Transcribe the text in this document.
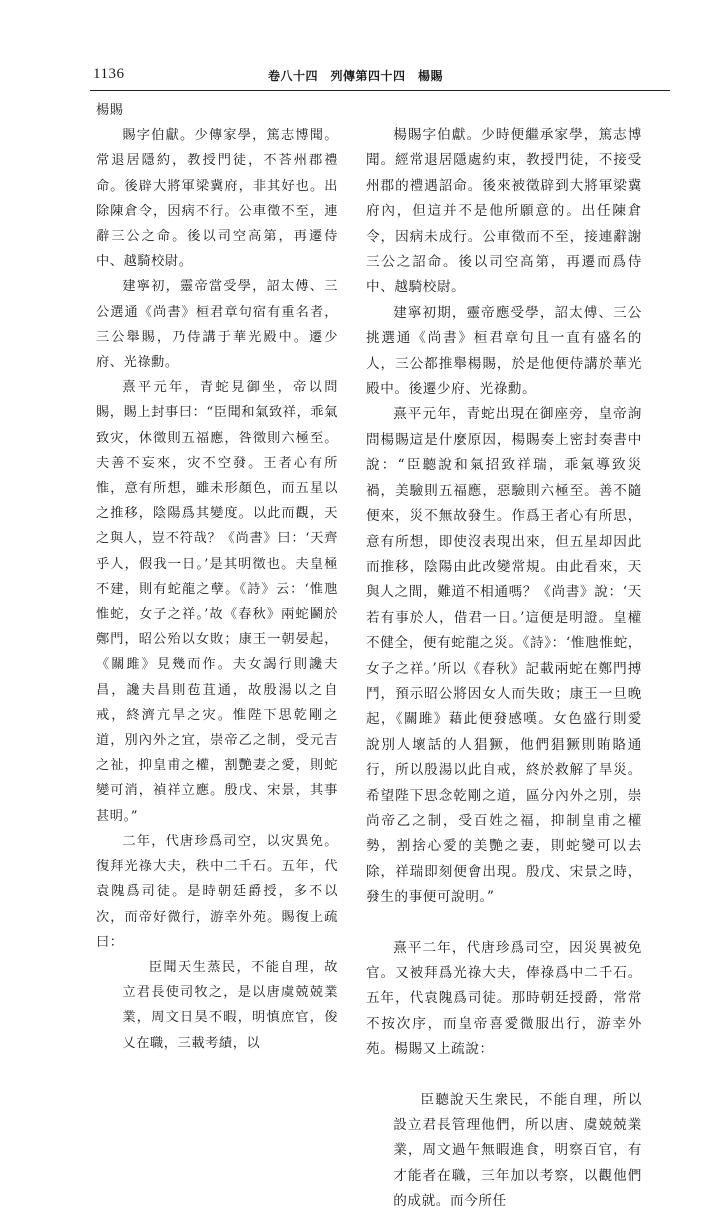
1136	卷八十四　列傳第四十四　楊賜

楊賜

賜字伯獻。少傳家學，篤志博聞。常退居隱約，教授門徒，不荅州郡禮命。後辟大將軍梁冀府，非其好也。出除陳倉令，因病不行。公車徵不至，連辭三公之命。後以司空高第，再遷侍中、越騎校尉。

建寧初，靈帝當受學，詔太傅、三公選通《尚書》桓君章句宿有重名者，三公舉賜，乃侍講于華光殿中。遷少府、光祿勳。

熹平元年，青蛇見御坐，帝以問賜，賜上封事曰：“臣聞和氣致祥，乖氣致灾，休徵則五福應，咎徵則六極至。夫善不妄來，灾不空發。王者心有所惟，意有所想，雖未形顏色，而五星以之推移，陰陽爲其變度。以此而觀，天之與人，豈不符哉？《尚書》曰：‘天齊乎人，假我一日。’是其明徵也。夫皇極不建，則有蛇龍之孽。《詩》云：‘惟虺惟蛇，女子之祥。’故《春秋》兩蛇鬬於鄭門，昭公殆以女敗；康王一朝晏起，《關雎》見幾而作。夫女謁行則讒夫昌，讒夫昌則苞苴通，故殷湯以之自戒，終濟亢旱之灾。惟陛下思乾剛之道，別內外之宜，崇帝乙之制，受元吉之祉，抑皇甫之權，割艷妻之愛，則蛇變可消，禎祥立應。殷戊、宋景，其事甚明。”

二年，代唐珍爲司空，以灾異免。復拜光祿大夫，秩中二千石。五年，代袁隗爲司徒。是時朝廷爵授，多不以次，而帝好微行，游幸外苑。賜復上疏曰：

臣聞天生蒸民，不能自理，故立君長使司牧之，是以唐虞兢兢業業，周文日昊不暇，明慎庶官，俊乂在職，三載考績，以

楊賜字伯獻。少時便繼承家學，篤志博聞。經常退居隱處約束，教授門徒，不接受州郡的禮遇詔命。後來被徵辟到大將軍梁冀府內，但這并不是他所願意的。出任陳倉令，因病未成行。公車徵而不至，接連辭謝三公之詔命。後以司空高第，再遷而爲侍中、越騎校尉。

建寧初期，靈帝應受學，詔太傅、三公挑選通《尚書》桓君章句且一直有盛名的人，三公都推舉楊賜，於是他便侍講於華光殿中。後遷少府、光祿勳。

熹平元年，青蛇出現在御座旁，皇帝詢問楊賜這是什麼原因，楊賜奏上密封奏書中說：“臣聽說和氣招致祥瑞，乖氣導致災禍，美驗則五福應，惡驗則六極至。善不隨便來，災不無故發生。作爲王者心有所思，意有所想，即使沒表現出來，但五星却因此而推移，陰陽由此改變常規。由此看來，天與人之間，難道不相通嗎？《尚書》說：‘天若有事於人，借君一日。’這便是明證。皇權不健全，便有蛇龍之災。《詩》：‘惟虺惟蛇，女子之祥。’所以《春秋》記載兩蛇在鄭門搏鬥，預示昭公將因女人而失敗；康王一旦晚起，《關雎》藉此便發感嘆。女色盛行則愛說別人壞話的人猖獗，他們猖獗則賄賂通行，所以殷湯以此自戒，終於救解了旱災。希望陛下思念乾剛之道，區分內外之別，崇尚帝乙之制，受百姓之福，抑制皇甫之權勢，割捨心愛的美艷之妻，則蛇變可以去除，祥瑞即刻便會出現。殷戊、宋景之時，發生的事便可說明。”

熹平二年，代唐珍爲司空，因災異被免官。又被拜爲光祿大夫，俸祿爲中二千石。五年，代袁隗爲司徒。那時朝廷授爵，常常不按次序，而皇帝喜愛微服出行，游幸外苑。楊賜又上疏說：

臣聽說天生衆民，不能自理，所以設立君長管理他們，所以唐、虞兢兢業業，周文過午無暇進食，明察百官，有才能者在職，三年加以考察，以觀他們的成就。而今所任
